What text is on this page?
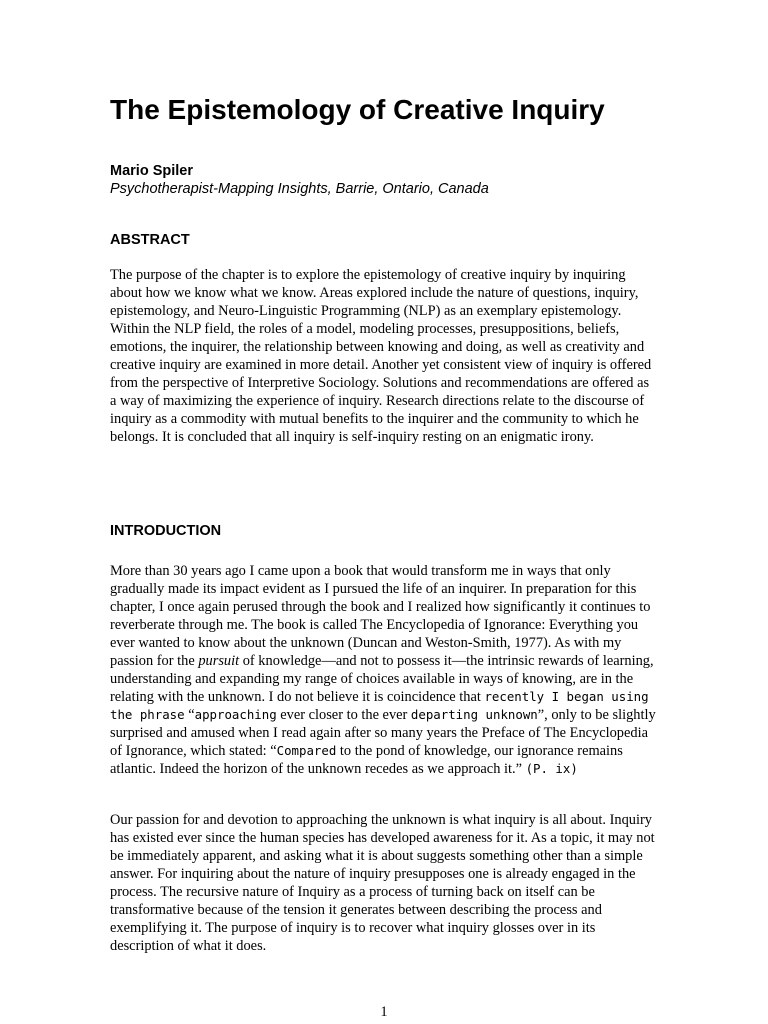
The Epistemology of Creative Inquiry
Mario Spiler
Psychotherapist-Mapping Insights, Barrie, Ontario, Canada
ABSTRACT

The purpose of the chapter is to explore the epistemology of creative inquiry by inquiring about how we know what we know. Areas explored include the nature of questions, inquiry, epistemology, and Neuro-Linguistic Programming (NLP) as an exemplary epistemology. Within the NLP field, the roles of a model, modeling processes, presuppositions, beliefs, emotions, the inquirer, the relationship between knowing and doing, as well as creativity and creative inquiry are examined in more detail. Another yet consistent view of inquiry is offered from the perspective of Interpretive Sociology. Solutions and recommendations are offered as a way of maximizing the experience of inquiry. Research directions relate to the discourse of inquiry as a commodity with mutual benefits to the inquirer and the community to which he belongs. It is concluded that all inquiry is self-inquiry resting on an enigmatic irony.

INTRODUCTION

More than 30 years ago I came upon a book that would transform me in ways that only gradually made its impact evident as I pursued the life of an inquirer. In preparation for this chapter, I once again perused through the book and I realized how significantly it continues to reverberate through me. The book is called The Encyclopedia of Ignorance: Everything you ever wanted to know about the unknown (Duncan and Weston-Smith, 1977). As with my passion for the pursuit of knowledge—and not to possess it—the intrinsic rewards of learning, understanding and expanding my range of choices available in ways of knowing, are in the relating with the unknown. I do not believe it is coincidence that recently I began using the phrase “approaching ever closer to the ever departing unknown”, only to be slightly surprised and amused when I read again after so many years the Preface of The Encyclopedia of Ignorance, which stated: “Compared to the pond of knowledge, our ignorance remains atlantic. Indeed the horizon of the unknown recedes as we approach it.” (P. ix)

Our passion for and devotion to approaching the unknown is what inquiry is all about. Inquiry has existed ever since the human species has developed awareness for it. As a topic, it may not be immediately apparent, and asking what it is about suggests something other than a simple answer. For inquiring about the nature of inquiry presupposes one is already engaged in the process. The recursive nature of Inquiry as a process of turning back on itself can be transformative because of the tension it generates between describing the process and exemplifying it. The purpose of inquiry is to recover what inquiry glosses over in its description of what it does.

1
